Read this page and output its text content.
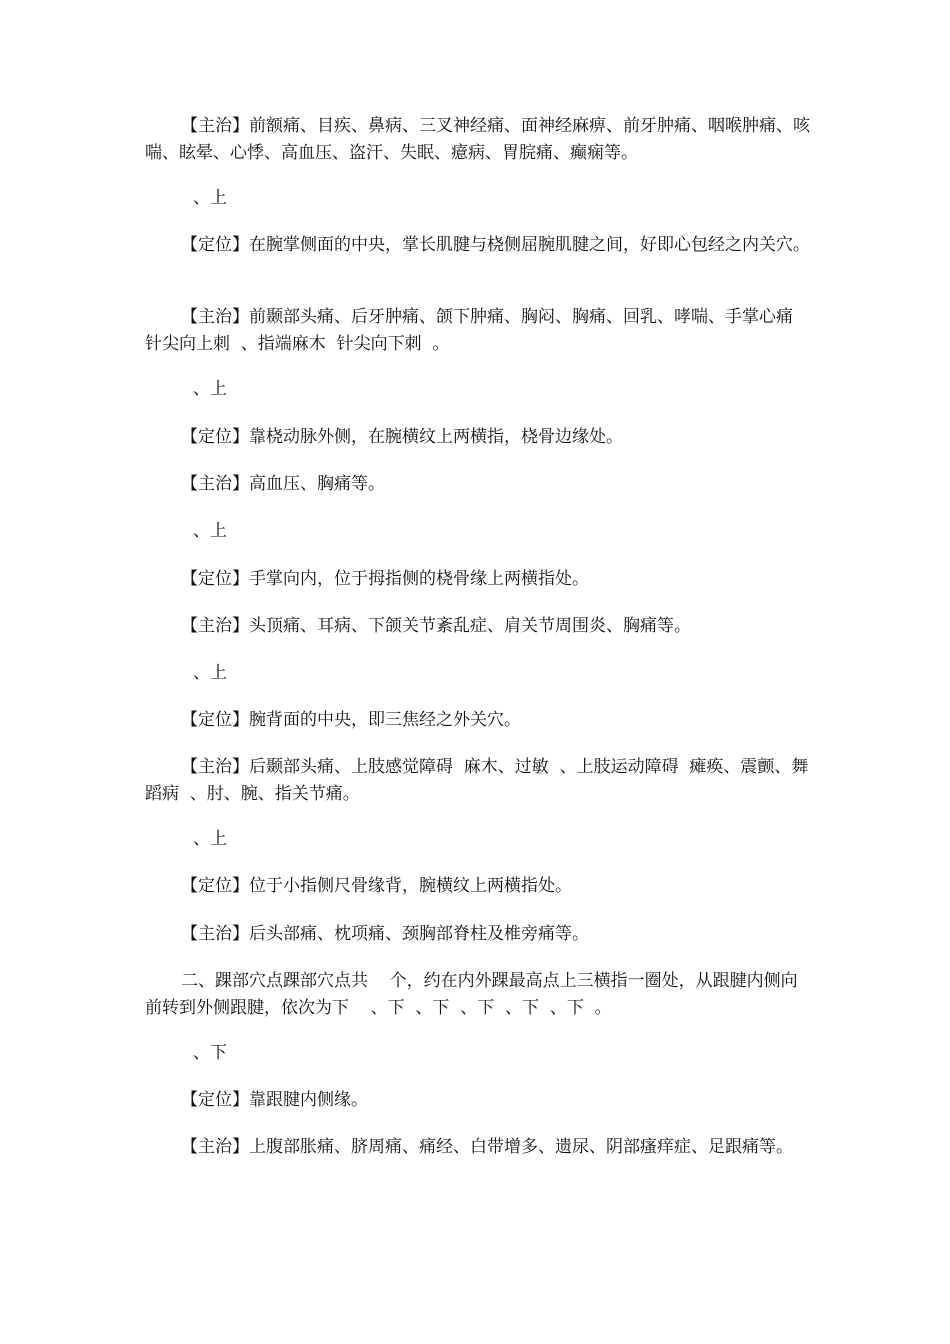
【主治】前额痛、目疾、鼻病、三叉神经痛、面神经麻痹、前牙肿痛、咽喉肿痛、咳喘、眩晕、心悸、高血压、盗汗、失眠、癔病、胃脘痛、癫痫等。

、上

【定位】在腕掌侧面的中央，掌长肌腱与桡侧屈腕肌腱之间，好即心包经之内关穴。

【主治】前颞部头痛、后牙肿痛、颌下肿痛、胸闷、胸痛、回乳、哮喘、手掌心痛  针尖向上刺  、指端麻木  针尖向下刺  。

、上

【定位】靠桡动脉外侧，在腕横纹上两横指，桡骨边缘处。

【主治】高血压、胸痛等。

、上

【定位】手掌向内，位于拇指侧的桡骨缘上两横指处。

【主治】头顶痛、耳病、下颌关节紊乱症、肩关节周围炎、胸痛等。

、上

【定位】腕背面的中央，即三焦经之外关穴。

【主治】后颞部头痛、上肢感觉障碍  麻木、过敏  、上肢运动障碍  瘫痪、震颤、舞蹈病  、肘、腕、指关节痛。

、上

【定位】位于小指侧尺骨缘背，腕横纹上两横指处。

【主治】后头部痛、枕项痛、颈胸部脊柱及椎旁痛等。

二、踝部穴点踝部穴点共    个，约在内外踝最高点上三横指一圈处，从跟腱内侧向前转到外侧跟腱，依次为下    、下  、下  、下  、下  、下  。

、下

【定位】靠跟腱内侧缘。

【主治】上腹部胀痛、脐周痛、痛经、白带增多、遗尿、阴部瘙痒症、足跟痛等。
